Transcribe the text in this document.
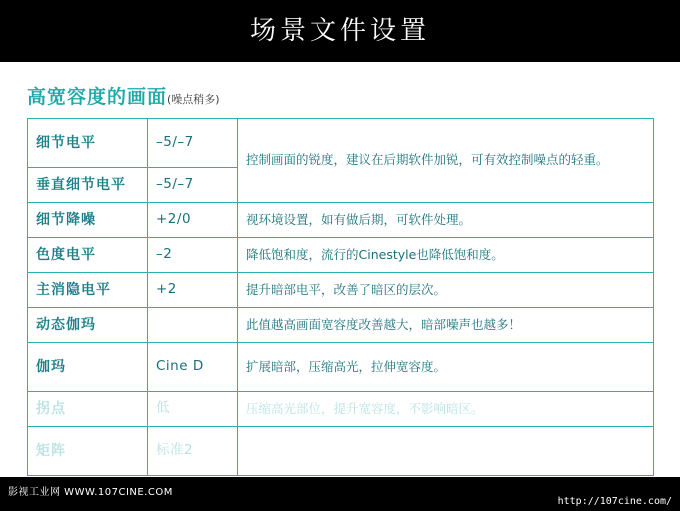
场景文件设置
高宽容度的画面(噪点稍多)
细节电平	–5/–7	控制画面的锐度，建议在后期软件加锐，可有效控制噪点的轻重。
垂直细节电平	–5/–7	
细节降噪	+2/0	视环境设置，如有做后期，可软件处理。
色度电平	–2	降低饱和度，流行的Cinestyle也降低饱和度。
主消隐电平	+2	提升暗部电平，改善了暗区的层次。
动态伽玛		此值越高画面宽容度改善越大，暗部噪声也越多！
伽玛	Cine D	扩展暗部，压缩高光，拉伸宽容度。
拐点	低	压缩高光部位，提升宽容度，不影响暗区。
矩阵	标准2	
影视工业网 WWW.107CINE.COM
http://107cine.com/
